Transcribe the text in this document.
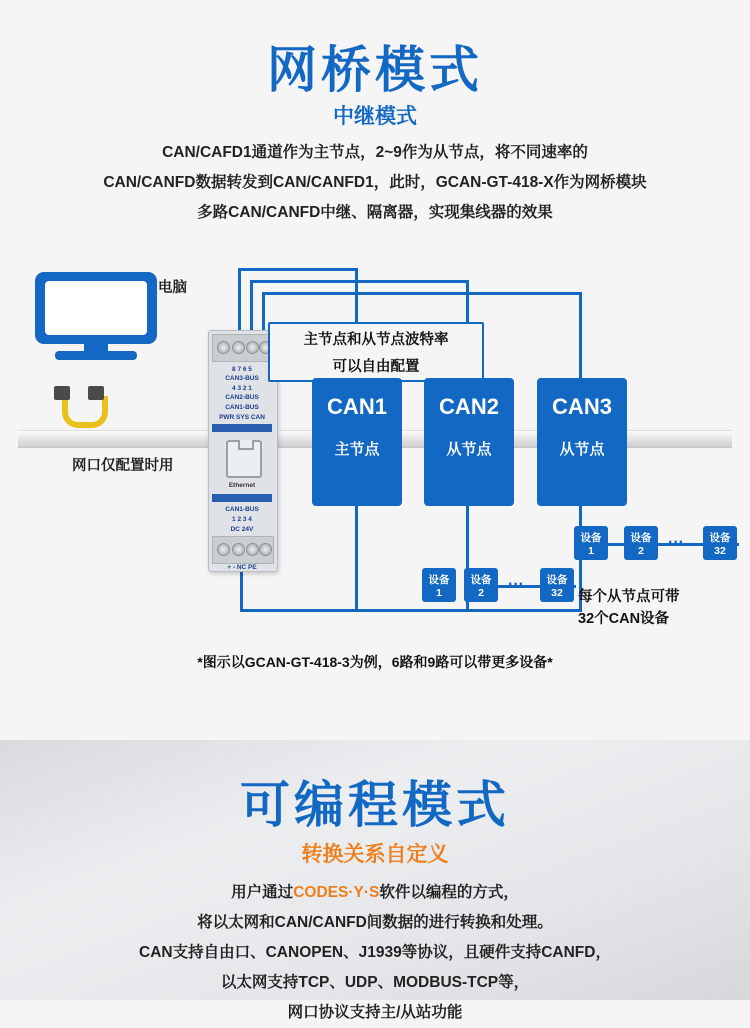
网桥模式
中继模式
CAN/CAFD1通道作为主节点，2~9作为从节点，将不同速率的
CAN/CANFD数据转发到CAN/CANFD1，此时，GCAN-GT-418-X作为网桥模块
多路CAN/CANFD中继、隔离器，实现集线器的效果
电脑
网口仅配置时用
8 7 6 5
CAN3-BUS
4 3 2 1
CAN2-BUS
CAN1-BUS
PWR SYS CAN
Ethernet
CAN1-BUS
1 2 3 4
DC 24V
+ - NC PE
主节点和从节点波特率
可以自由配置
CAN1
主节点
CAN2
从节点
CAN3
从节点
设备
1
设备
2	···	设备
32
设备
1
设备
2	···	设备
32	每个从节点可带
32个CAN设备
*图示以GCAN-GT-418-3为例，6路和9路可以带更多设备*
可编程模式
转换关系自定义
用户通过CODES·Y·S软件以编程的方式，
将以太网和CAN/CANFD间数据的进行转换和处理。
CAN支持自由口、CANOPEN、J1939等协议，且硬件支持CANFD，
以太网支持TCP、UDP、MODBUS-TCP等，
网口协议支持主/从站功能
